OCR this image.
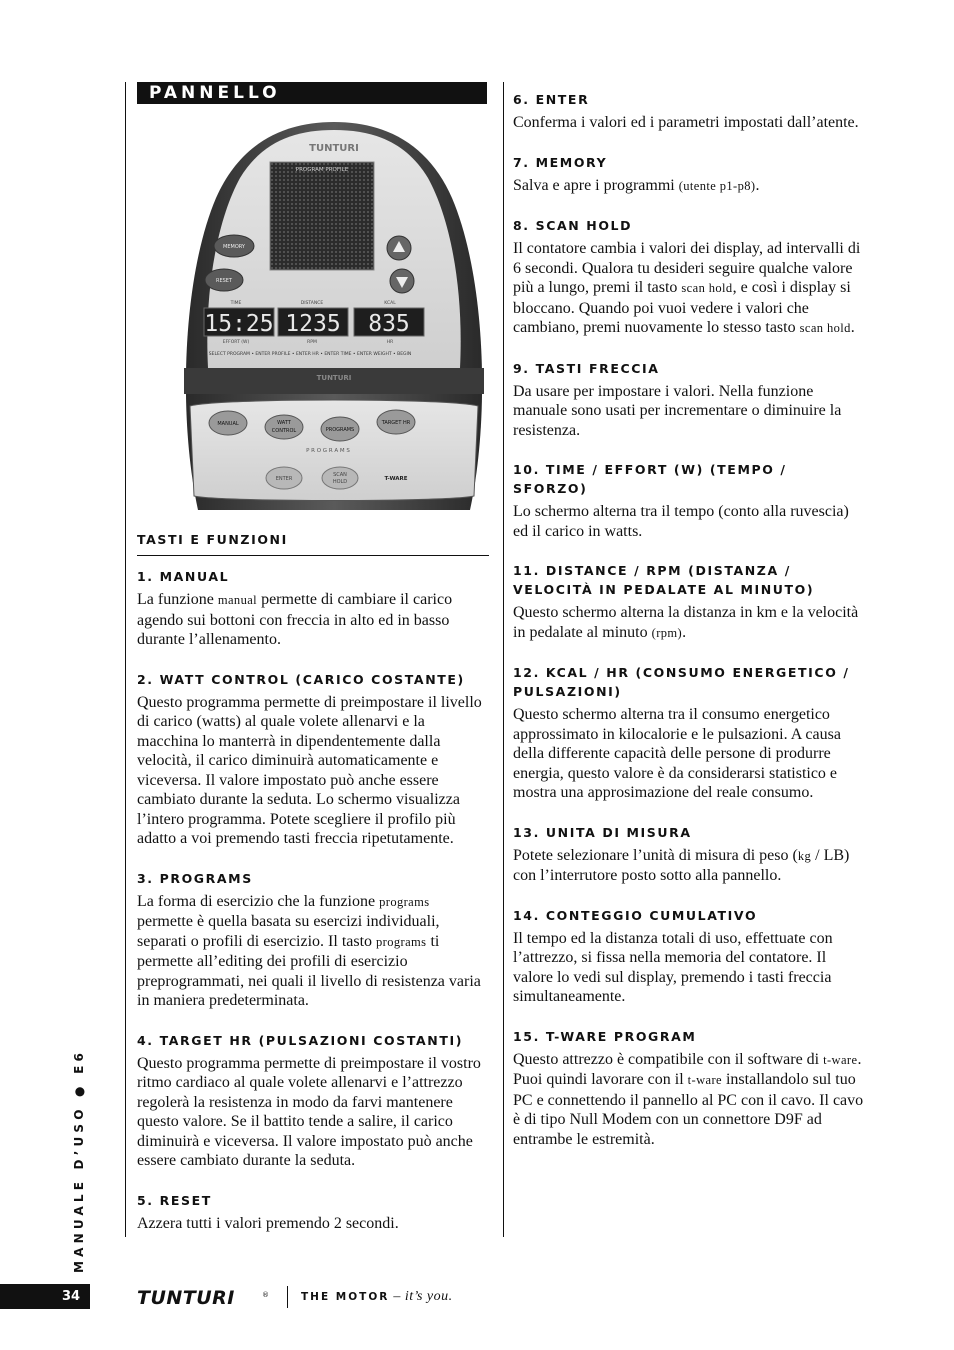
PANNELLO
TUNTURI
PROGRAM PROFILE
MEMORY
RESET
TIME	DISTANCE	KCAL
15:25 1235 835
EFFORT (W)	RPM	HR
SELECT PROGRAM • ENTER PROFILE • ENTER HR • ENTER TIME • ENTER WEIGHT • BEGIN
TUNTURI
MANUAL	WATT
CONTROL	PROGRAMS
TARGET HR
P R O G R A M S
ENTER
SCAN
HOLD	T-WARE
TASTI E FUNZIONI
1. MANUAL

La funzione manual permette di cambiare il carico agendo sui bottoni con freccia in alto ed in basso durante l’allenamento.

2. WATT CONTROL (CARICO COSTANTE)

Questo programma permette di preimpostare il livello di carico (watts) al quale volete allenarvi e la macchina lo manterrà in dipendentemente dalla velocità, il carico diminuirà automaticamente e viceversa. Il valore impostato può anche essere cambiato durante la seduta. Lo schermo visualizza l’intero programma. Potete scegliere il profilo più adatto a voi premendo tasti freccia ripetutamente.

3. PROGRAMS

La forma di esercizio che la funzione programs permette è quella basata su esercizi individuali, separati o profili di esercizio. Il tasto programs ti permette all’editing dei profili di esercizio preprogrammati, nei quali il livello di resistenza varia in maniera predeterminata.

4. TARGET HR (PULSAZIONI COSTANTI)

Questo programma permette di preimpostare il vostro ritmo cardiaco al quale volete allenarvi e l’attrezzo regolerà la resistenza in modo da farvi mantenere questo valore. Se il battito tende a salire, il carico diminuirà e viceversa. Il valore impostato può anche essere cambiato durante la seduta.

5. RESET

Azzera tutti i valori premendo 2 secondi.

6. ENTER

Conferma i valori ed i parametri impostati dall’atente.

7. MEMORY

Salva e apre i programmi (utente p1-p8).

8. SCAN HOLD

Il contatore cambia i valori dei display, ad intervalli di 6 secondi. Qualora tu desideri seguire qualche valore più a lungo, premi il tasto scan hold, e così i display si bloccano. Quando poi vuoi vedere i valori che cambiano, premi nuovamente lo stesso tasto scan hold.

9. TASTI FRECCIA

Da usare per impostare i valori. Nella funzione manuale sono usati per incrementare o diminuire la resistenza.

10. TIME / EFFORT (W) (TEMPO / SFORZO)

Lo schermo alterna tra il tempo (conto alla ruvescia) ed il carico in watts.

11. DISTANCE / RPM (DISTANZA / VELOCITÀ IN PEDALATE AL MINUTO)

Questo schermo alterna la distanza in km e la velocità in pedalate al minuto (rpm).

12. KCAL / HR (CONSUMO ENERGETICO / PULSAZIONI)

Questo schermo alterna tra il consumo energetico approssimato in kilocalorie e le pulsazioni. A causa della differente capacità delle persone di produrre energia, questo valore è da considerarsi statistico e mostra una approsimazione del reale consumo.

13. UNITA DI MISURA

Potete selezionare l’unità di misura di peso (kg / LB) con l’interrutore posto sotto alla pannello.

14. CONTEGGIO CUMULATIVO

Il tempo ed la distanza totali di uso, effettuate con l’attrezzo, si fissa nella memoria del contatore. Il valore lo vedi sul display, premendo i tasti freccia simultaneamente.

15. T-WARE PROGRAM

Questo attrezzo è compatibile con il software di t-ware. Puoi quindi lavorare con il t-ware installandolo sul tuo PC e connettendo il pannello al PC con il cavo. Il cavo è di tipo Null Modem con un connettore D9F ad entrambe le estremità.

MANUALE D’USO ● E6
34	TUNTURI	®	THE MOTOR – it’s you.
